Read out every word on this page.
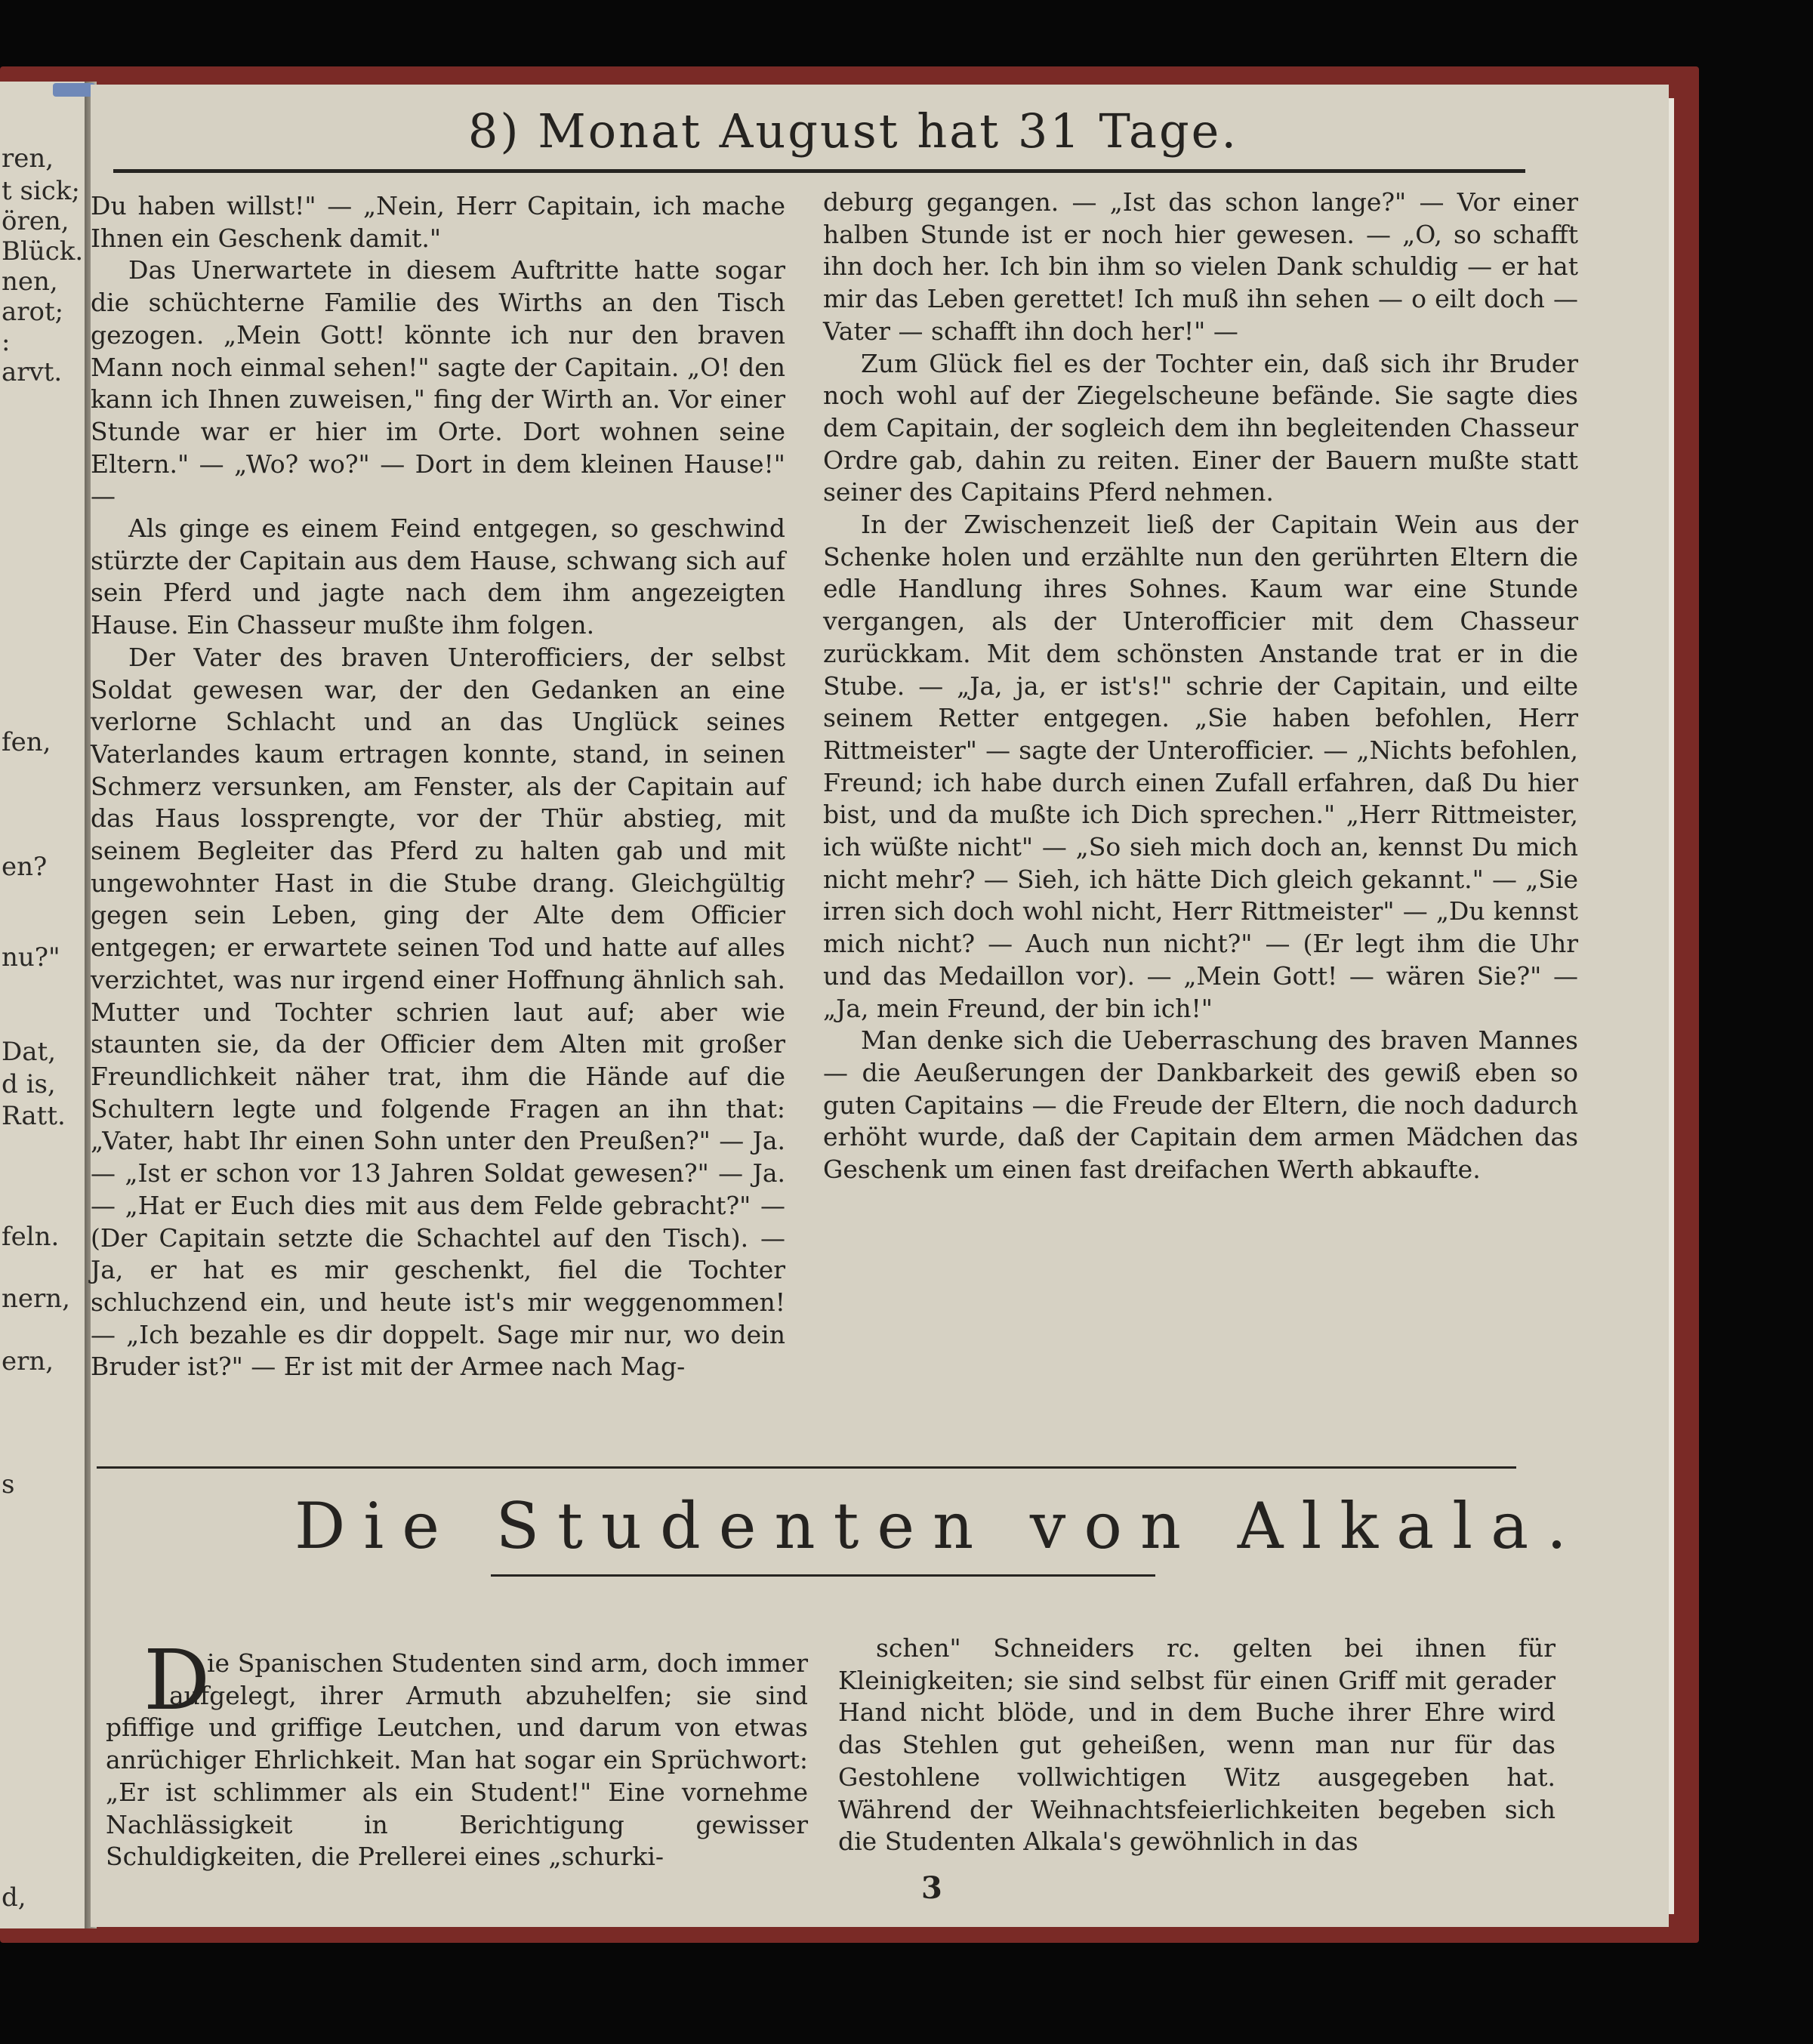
ren,
t sick;
ören,
Blück.
nen,
arot;
:
arvt.
fen,
en?
nu?"
Dat,
d is,
Ratt.
feln.
nern,
ern,
s
d,
8) Monat August hat 31 Tage.

Du haben willst!" — „Nein, Herr Capitain, ich mache Ihnen ein Geschenk damit."

Das Unerwartete in diesem Auftritte hatte sogar die schüchterne Familie des Wirths an den Tisch gezogen. „Mein Gott! könnte ich nur den braven Mann noch einmal sehen!" sagte der Capitain. „O! den kann ich Ihnen zuweisen," fing der Wirth an. Vor einer Stunde war er hier im Orte. Dort wohnen seine Eltern." — „Wo? wo?" — Dort in dem kleinen Hause!" —

Als ginge es einem Feind entgegen, so geschwind stürzte der Capitain aus dem Hause, schwang sich auf sein Pferd und jagte nach dem ihm angezeigten Hause. Ein Chasseur mußte ihm folgen.

Der Vater des braven Unterofficiers, der selbst Soldat gewesen war, der den Gedanken an eine verlorne Schlacht und an das Unglück seines Vaterlandes kaum ertragen konnte, stand, in seinen Schmerz versunken, am Fenster, als der Capitain auf das Haus lossprengte, vor der Thür abstieg, mit seinem Begleiter das Pferd zu halten gab und mit ungewohnter Hast in die Stube drang. Gleichgültig gegen sein Leben, ging der Alte dem Officier entgegen; er erwartete seinen Tod und hatte auf alles verzichtet, was nur irgend einer Hoffnung ähnlich sah. Mutter und Tochter schrien laut auf; aber wie staunten sie, da der Officier dem Alten mit großer Freundlichkeit näher trat, ihm die Hände auf die Schultern legte und folgende Fragen an ihn that: „Vater, habt Ihr einen Sohn unter den Preußen?" — Ja. — „Ist er schon vor 13 Jahren Soldat gewesen?" — Ja. — „Hat er Euch dies mit aus dem Felde gebracht?" — (Der Capitain setzte die Schachtel auf den Tisch). — Ja, er hat es mir geschenkt, fiel die Tochter schluchzend ein, und heute ist's mir weggenommen! — „Ich bezahle es dir doppelt. Sage mir nur, wo dein Bruder ist?" — Er ist mit der Armee nach Mag-

deburg gegangen. — „Ist das schon lange?" — Vor einer halben Stunde ist er noch hier gewesen. — „O, so schafft ihn doch her. Ich bin ihm so vielen Dank schuldig — er hat mir das Leben gerettet! Ich muß ihn sehen — o eilt doch — Vater — schafft ihn doch her!" —

Zum Glück fiel es der Tochter ein, daß sich ihr Bruder noch wohl auf der Ziegelscheune befände. Sie sagte dies dem Capitain, der sogleich dem ihn begleitenden Chasseur Ordre gab, dahin zu reiten. Einer der Bauern mußte statt seiner des Capitains Pferd nehmen.

In der Zwischenzeit ließ der Capitain Wein aus der Schenke holen und erzählte nun den gerührten Eltern die edle Handlung ihres Sohnes. Kaum war eine Stunde vergangen, als der Unterofficier mit dem Chasseur zurückkam. Mit dem schönsten Anstande trat er in die Stube. — „Ja, ja, er ist's!" schrie der Capitain, und eilte seinem Retter entgegen. „Sie haben befohlen, Herr Rittmeister" — sagte der Unterofficier. — „Nichts befohlen, Freund; ich habe durch einen Zufall erfahren, daß Du hier bist, und da mußte ich Dich sprechen." „Herr Rittmeister, ich wüßte nicht" — „So sieh mich doch an, kennst Du mich nicht mehr? — Sieh, ich hätte Dich gleich gekannt." — „Sie irren sich doch wohl nicht, Herr Rittmeister" — „Du kennst mich nicht? — Auch nun nicht?" — (Er legt ihm die Uhr und das Medaillon vor). — „Mein Gott! — wären Sie?" — „Ja, mein Freund, der bin ich!"

Man denke sich die Ueberraschung des braven Mannes — die Aeußerungen der Dankbarkeit des gewiß eben so guten Capitains — die Freude der Eltern, die noch dadurch erhöht wurde, daß der Capitain dem armen Mädchen das Geschenk um einen fast dreifachen Werth abkaufte.

Die Studenten von Alkala.

D
ie Spanischen Studenten sind arm, doch immer aufgelegt, ihrer Armuth abzuhelfen; sie sind pfiffige und griffige Leutchen, und darum von etwas anrüchiger Ehrlichkeit. Man hat sogar ein Sprüchwort: „Er ist schlimmer als ein Student!" Eine vornehme Nachlässigkeit in Berichtigung gewisser Schuldigkeiten, die Prellerei eines „schurki-

schen" Schneiders rc. gelten bei ihnen für Kleinigkeiten; sie sind selbst für einen Griff mit gerader Hand nicht blöde, und in dem Buche ihrer Ehre wird das Stehlen gut geheißen, wenn man nur für das Gestohlene vollwichtigen Witz ausgegeben hat. Während der Weihnachtsfeierlichkeiten begeben sich die Studenten Alkala's gewöhnlich in das

3
